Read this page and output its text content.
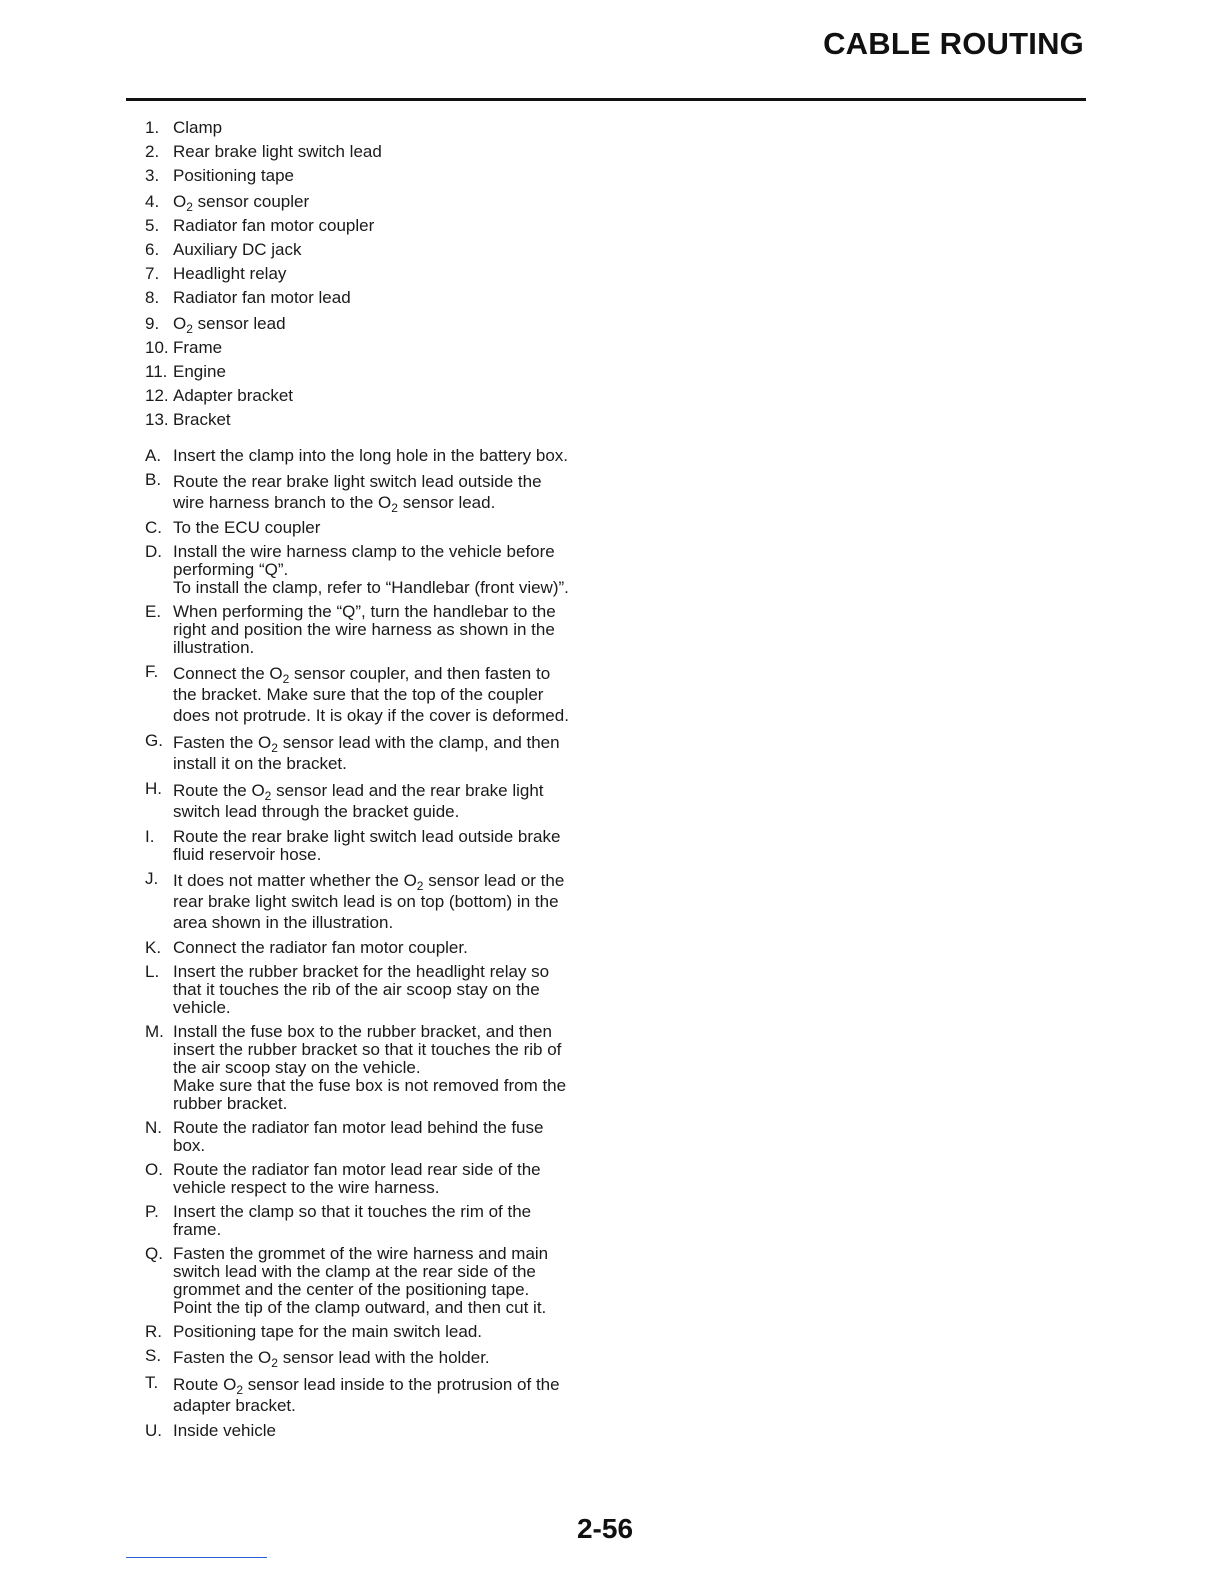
CABLE ROUTING
1. Clamp
2. Rear brake light switch lead
3. Positioning tape
4. $O_2$ sensor coupler
5. Radiator fan motor coupler
6. Auxiliary DC jack
7. Headlight relay
8. Radiator fan motor lead
9. $O_2$ sensor lead
10. Frame
11. Engine
12. Adapter bracket
13. Bracket
A. Insert the clamp into the long hole in the battery box.
B. Route the rear brake light switch lead outside the wire harness branch to the $O_2$ sensor lead.
C. To the ECU coupler
D. Install the wire harness clamp to the vehicle before performing “Q”.
To install the clamp, refer to “Handlebar (front view)”.
E. When performing the “Q”, turn the handlebar to the right and position the wire harness as shown in the illustration.
F. Connect the $O_2$ sensor coupler, and then fasten to the bracket. Make sure that the top of the coupler does not protrude. It is okay if the cover is deformed.
G. Fasten the $O_2$ sensor lead with the clamp, and then install it on the bracket.
H. Route the $O_2$ sensor lead and the rear brake light switch lead through the bracket guide.
I.	Route the rear brake light switch lead outside brake fluid reservoir hose.
J. It does not matter whether the $O_2$ sensor lead or the rear brake light switch lead is on top (bottom) in the area shown in the illustration.
K. Connect the radiator fan motor coupler.
L. Insert the rubber bracket for the headlight relay so that it touches the rib of the air scoop stay on the vehicle.
M. Install the fuse box to the rubber bracket, and then insert the rubber bracket so that it touches the rib of the air scoop stay on the vehicle.
Make sure that the fuse box is not removed from the rubber bracket.
N. Route the radiator fan motor lead behind the fuse box.
O. Route the radiator fan motor lead rear side of the vehicle respect to the wire harness.
P. Insert the clamp so that it touches the rim of the frame.
Q. Fasten the grommet of the wire harness and main switch lead with the clamp at the rear side of the grommet and the center of the positioning tape.
Point the tip of the clamp outward, and then cut it.
R. Positioning tape for the main switch lead.
S. Fasten the $O_2$ sensor lead with the holder.
T. Route $O_2$ sensor lead inside to the protrusion of the adapter bracket.
U. Inside vehicle
2-56
